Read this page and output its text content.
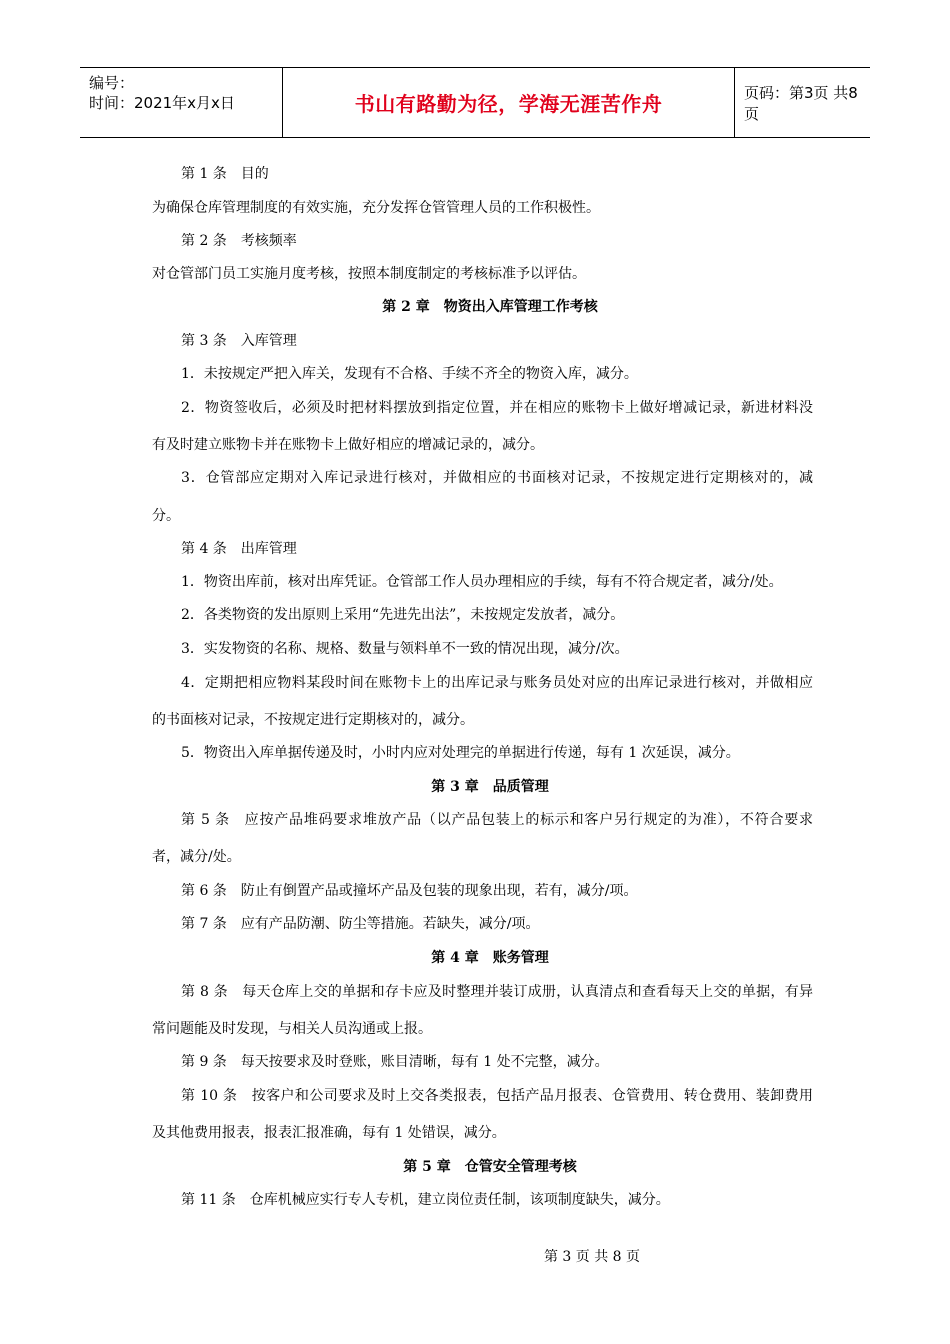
编号：
时间：2021年x月x日	书山有路勤为径，学海无涯苦作舟	页码：第3页 共8页
第 1 条　目的
为确保仓库管理制度的有效实施，充分发挥仓管管理人员的工作积极性。
第 2 条　考核频率
对仓管部门员工实施月度考核，按照本制度制定的考核标准予以评估。
第 2 章　物资出入库管理工作考核
第 3 条　入库管理
1．未按规定严把入库关，发现有不合格、手续不齐全的物资入库，减分。
2．物资签收后，必须及时把材料摆放到指定位置，并在相应的账物卡上做好增减记录，新进材料没
有及时建立账物卡并在账物卡上做好相应的增减记录的，减分。
3．仓管部应定期对入库记录进行核对，并做相应的书面核对记录，不按规定进行定期核对的，减
分。
第 4 条　出库管理
1．物资出库前，核对出库凭证。仓管部工作人员办理相应的手续，每有不符合规定者，减分/处。
2．各类物资的发出原则上采用“先进先出法”，未按规定发放者，减分。
3．实发物资的名称、规格、数量与领料单不一致的情况出现，减分/次。
4．定期把相应物料某段时间在账物卡上的出库记录与账务员处对应的出库记录进行核对，并做相应
的书面核对记录，不按规定进行定期核对的，减分。
5．物资出入库单据传递及时，小时内应对处理完的单据进行传递，每有 1 次延误，减分。
第 3 章　品质管理
第 5 条　应按产品堆码要求堆放产品（以产品包装上的标示和客户另行规定的为准），不符合要求
者，减分/处。
第 6 条　防止有倒置产品或撞坏产品及包装的现象出现，若有，减分/项。
第 7 条　应有产品防潮、防尘等措施。若缺失，减分/项。
第 4 章　账务管理
第 8 条　每天仓库上交的单据和存卡应及时整理并装订成册，认真清点和查看每天上交的单据，有异
常问题能及时发现，与相关人员沟通或上报。
第 9 条　每天按要求及时登账，账目清晰，每有 1 处不完整，减分。
第 10 条　按客户和公司要求及时上交各类报表，包括产品月报表、仓管费用、转仓费用、装卸费用
及其他费用报表，报表汇报准确，每有 1 处错误，减分。
第 5 章　仓管安全管理考核
第 11 条　仓库机械应实行专人专机，建立岗位责任制，该项制度缺失，减分。
第 3 页 共 8 页
